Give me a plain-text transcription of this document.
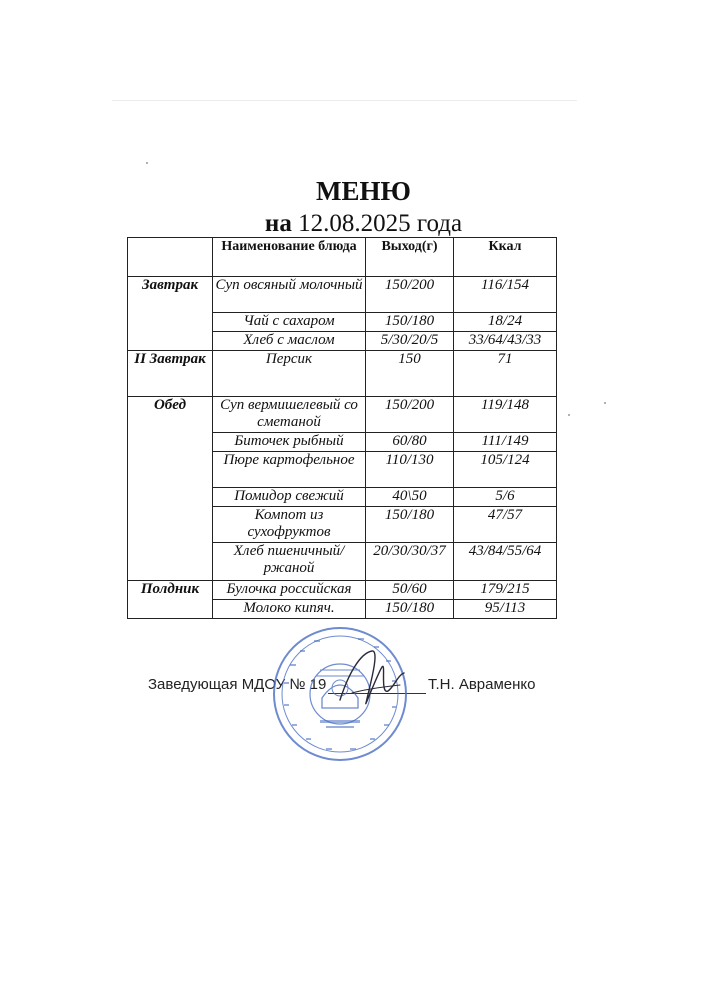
МЕНЮ
на 12.08.2025 года
	Наименование блюда	Выход(г)	Ккал
Завтрак	Суп овсяный молочный	150/200	116/154
	Чай с сахаром	150/180	18/24
	Хлеб с маслом	5/30/20/5	33/64/43/33
II Завтрак	Персик	150	71
Обед	Суп вермишелевый со сметаной	150/200	119/148
	Биточек рыбный	60/80	111/149
	Пюре картофельное	110/130	105/124
	Помидор свежий	40\50	5/6
	Компот из сухофруктов	150/180	47/57
	Хлеб пшеничный/ржаной	20/30/30/37	43/84/55/64
Полдник	Булочка российская	50/60	179/215
	Молоко кипяч.	150/180	95/113
Заведующая МДОУ № 19	Т.Н. Авраменко
